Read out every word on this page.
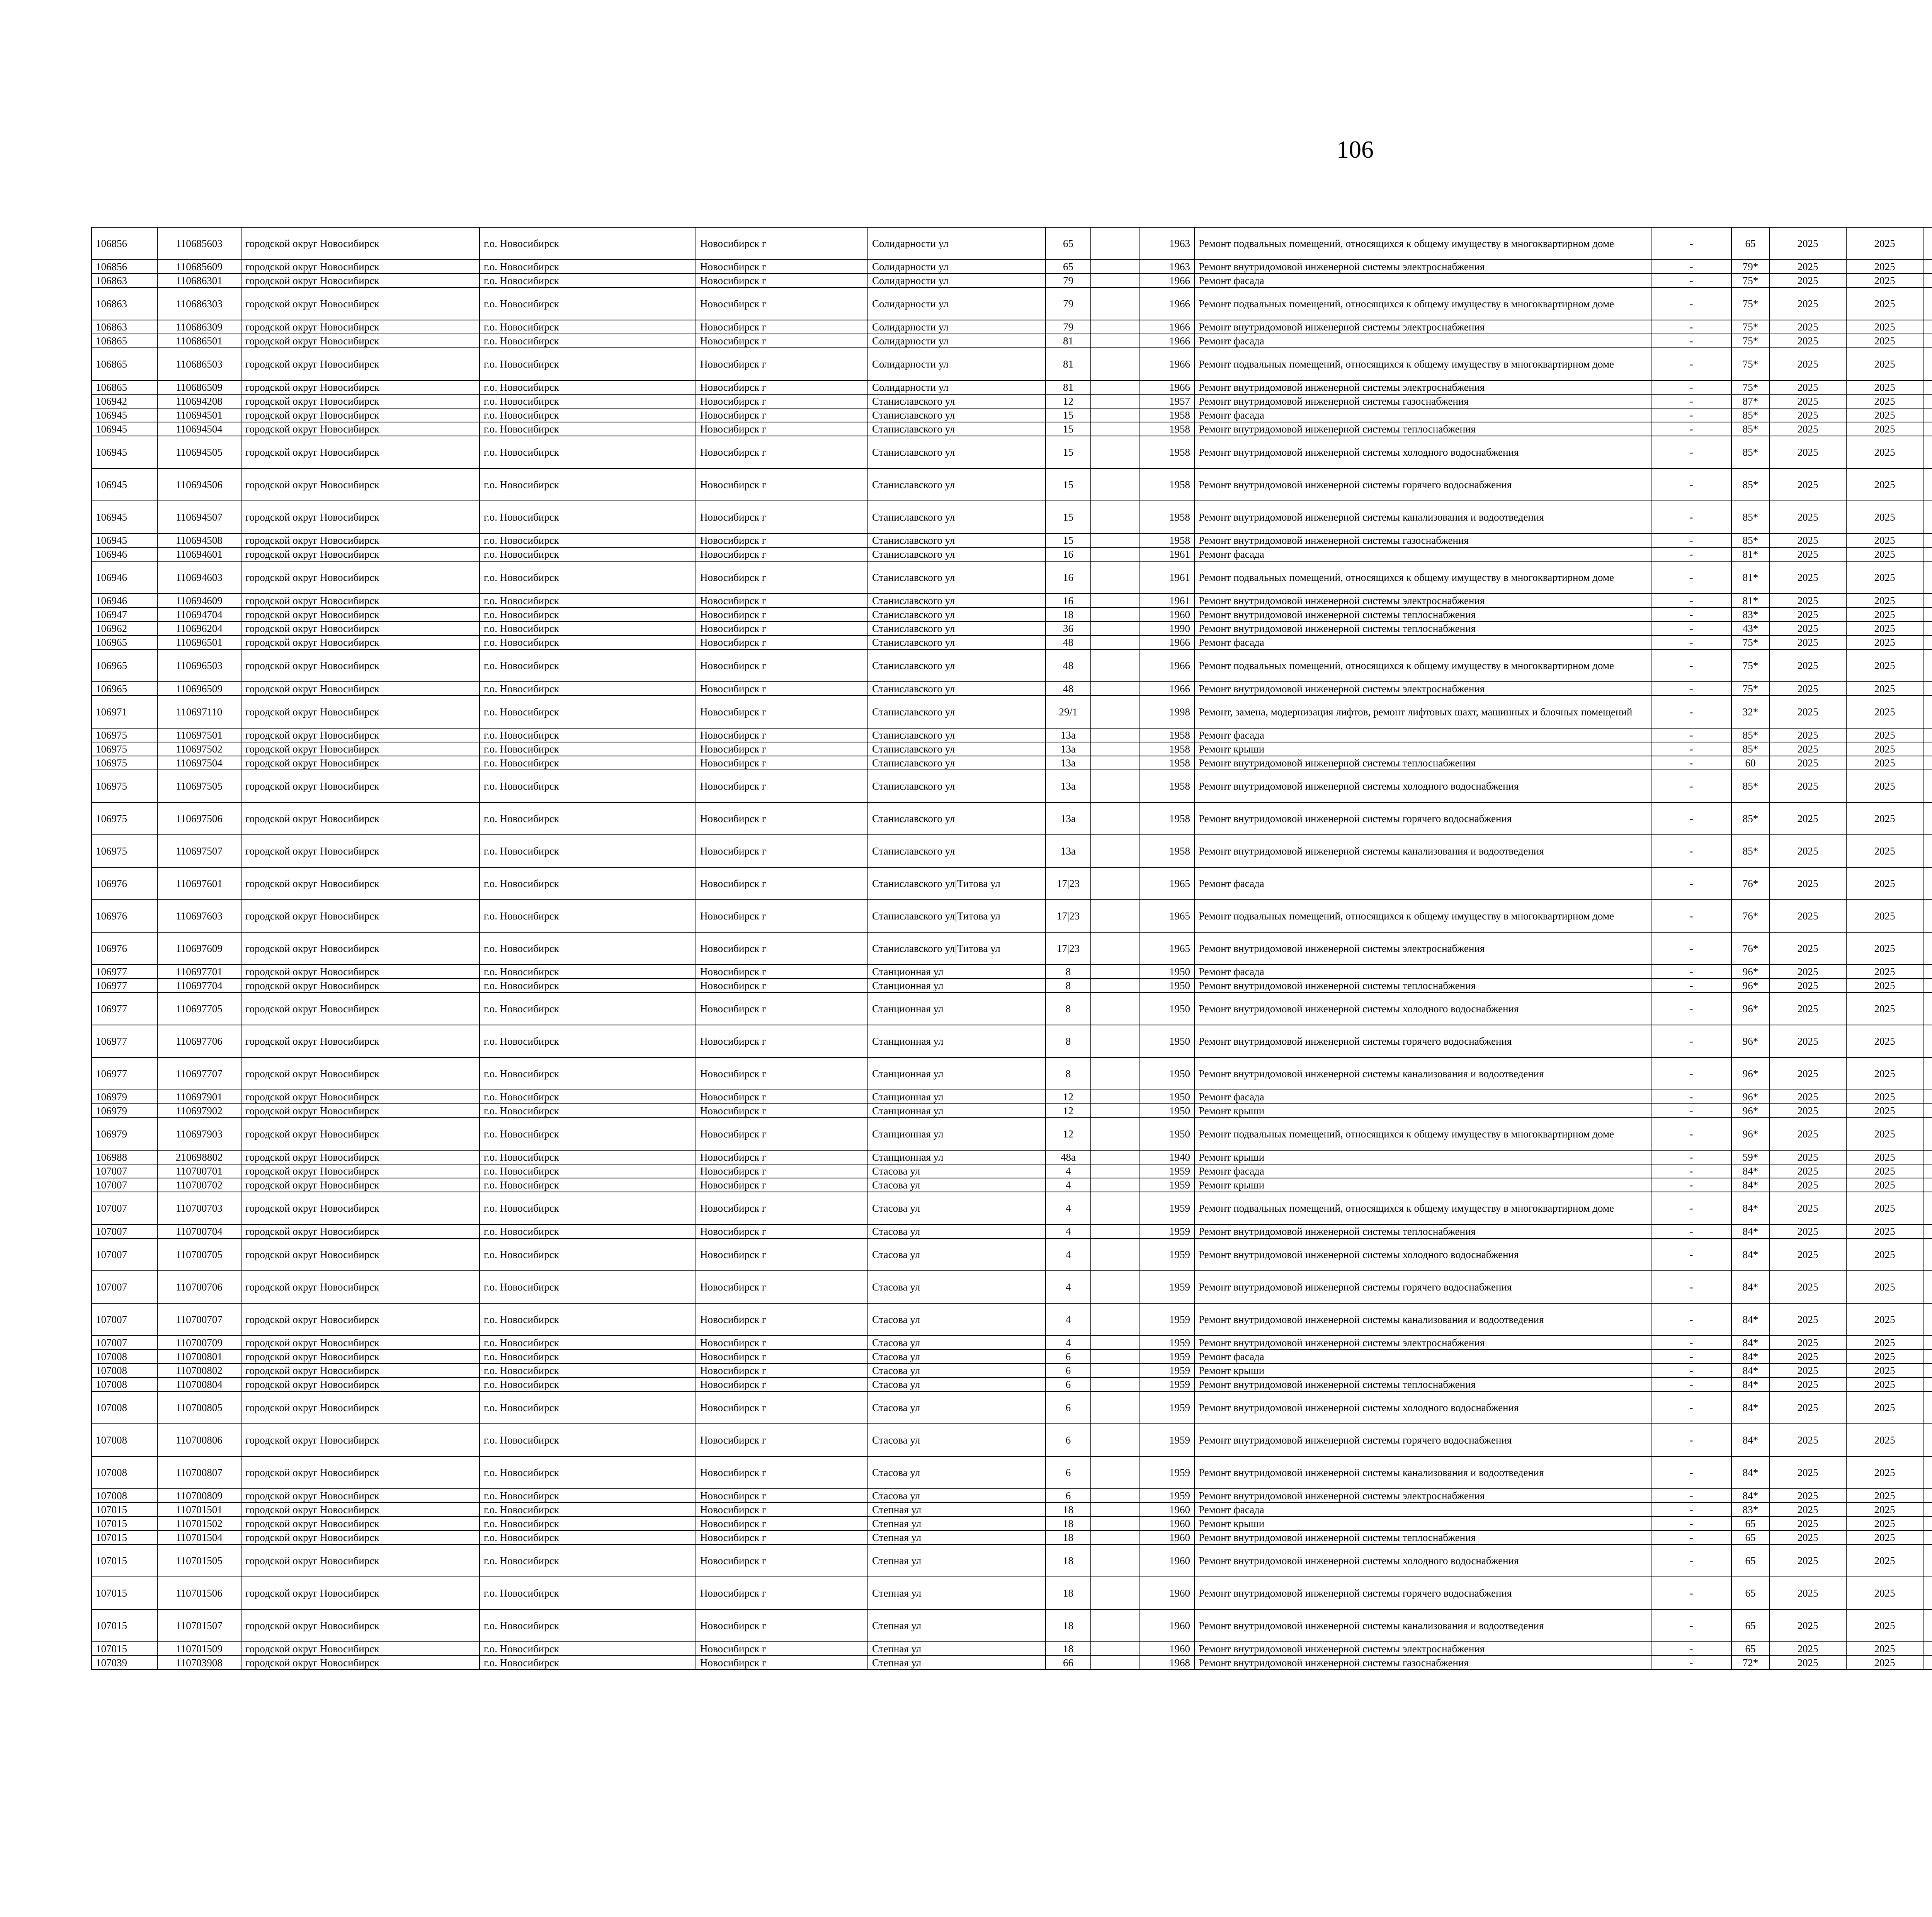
106
106856	110685603	городской округ Новосибирск	г.о. Новосибирск	Новосибирск г	Солидарности ул	65		1963	Ремонт подвальных помещений, относящихся к общему имуществу в многоквартирном доме	-	65	2025	2025					
106856	110685609	городской округ Новосибирск	г.о. Новосибирск	Новосибирск г	Солидарности ул	65		1963	Ремонт внутридомовой инженерной системы электроснабжения	-	79*	2025	2025					
106863	110686301	городской округ Новосибирск	г.о. Новосибирск	Новосибирск г	Солидарности ул	79		1966	Ремонт фасада	-	75*	2025	2025					
106863	110686303	городской округ Новосибирск	г.о. Новосибирск	Новосибирск г	Солидарности ул	79		1966	Ремонт подвальных помещений, относящихся к общему имуществу в многоквартирном доме	-	75*	2025	2025					
106863	110686309	городской округ Новосибирск	г.о. Новосибирск	Новосибирск г	Солидарности ул	79		1966	Ремонт внутридомовой инженерной системы электроснабжения	-	75*	2025	2025					
106865	110686501	городской округ Новосибирск	г.о. Новосибирск	Новосибирск г	Солидарности ул	81		1966	Ремонт фасада	-	75*	2025	2025					
106865	110686503	городской округ Новосибирск	г.о. Новосибирск	Новосибирск г	Солидарности ул	81		1966	Ремонт подвальных помещений, относящихся к общему имуществу в многоквартирном доме	-	75*	2025	2025					
106865	110686509	городской округ Новосибирск	г.о. Новосибирск	Новосибирск г	Солидарности ул	81		1966	Ремонт внутридомовой инженерной системы электроснабжения	-	75*	2025	2025					
106942	110694208	городской округ Новосибирск	г.о. Новосибирск	Новосибирск г	Станиславского ул	12		1957	Ремонт внутридомовой инженерной системы газоснабжения	-	87*	2025	2025					
106945	110694501	городской округ Новосибирск	г.о. Новосибирск	Новосибирск г	Станиславского ул	15		1958	Ремонт фасада	-	85*	2025	2025					
106945	110694504	городской округ Новосибирск	г.о. Новосибирск	Новосибирск г	Станиславского ул	15		1958	Ремонт внутридомовой инженерной системы теплоснабжения	-	85*	2025	2025					
106945	110694505	городской округ Новосибирск	г.о. Новосибирск	Новосибирск г	Станиславского ул	15		1958	Ремонт внутридомовой инженерной системы холодного водоснабжения	-	85*	2025	2025					
106945	110694506	городской округ Новосибирск	г.о. Новосибирск	Новосибирск г	Станиславского ул	15		1958	Ремонт внутридомовой инженерной системы горячего водоснабжения	-	85*	2025	2025					
106945	110694507	городской округ Новосибирск	г.о. Новосибирск	Новосибирск г	Станиславского ул	15		1958	Ремонт внутридомовой инженерной системы канализования и водоотведения	-	85*	2025	2025					
106945	110694508	городской округ Новосибирск	г.о. Новосибирск	Новосибирск г	Станиславского ул	15		1958	Ремонт внутридомовой инженерной системы газоснабжения	-	85*	2025	2025					
106946	110694601	городской округ Новосибирск	г.о. Новосибирск	Новосибирск г	Станиславского ул	16		1961	Ремонт фасада	-	81*	2025	2025					
106946	110694603	городской округ Новосибирск	г.о. Новосибирск	Новосибирск г	Станиславского ул	16		1961	Ремонт подвальных помещений, относящихся к общему имуществу в многоквартирном доме	-	81*	2025	2025					
106946	110694609	городской округ Новосибирск	г.о. Новосибирск	Новосибирск г	Станиславского ул	16		1961	Ремонт внутридомовой инженерной системы электроснабжения	-	81*	2025	2025					
106947	110694704	городской округ Новосибирск	г.о. Новосибирск	Новосибирск г	Станиславского ул	18		1960	Ремонт внутридомовой инженерной системы теплоснабжения	-	83*	2025	2025					
106962	110696204	городской округ Новосибирск	г.о. Новосибирск	Новосибирск г	Станиславского ул	36		1990	Ремонт внутридомовой инженерной системы теплоснабжения	-	43*	2025	2025					
106965	110696501	городской округ Новосибирск	г.о. Новосибирск	Новосибирск г	Станиславского ул	48		1966	Ремонт фасада	-	75*	2025	2025					
106965	110696503	городской округ Новосибирск	г.о. Новосибирск	Новосибирск г	Станиславского ул	48		1966	Ремонт подвальных помещений, относящихся к общему имуществу в многоквартирном доме	-	75*	2025	2025					
106965	110696509	городской округ Новосибирск	г.о. Новосибирск	Новосибирск г	Станиславского ул	48		1966	Ремонт внутридомовой инженерной системы электроснабжения	-	75*	2025	2025					
106971	110697110	городской округ Новосибирск	г.о. Новосибирск	Новосибирск г	Станиславского ул	29/1		1998	Ремонт, замена, модернизация лифтов, ремонт лифтовых шахт, машинных и блочных помещений	-	32*	2025	2025					
106975	110697501	городской округ Новосибирск	г.о. Новосибирск	Новосибирск г	Станиславского ул	13а		1958	Ремонт фасада	-	85*	2025	2025					
106975	110697502	городской округ Новосибирск	г.о. Новосибирск	Новосибирск г	Станиславского ул	13а		1958	Ремонт крыши	-	85*	2025	2025					
106975	110697504	городской округ Новосибирск	г.о. Новосибирск	Новосибирск г	Станиславского ул	13а		1958	Ремонт внутридомовой инженерной системы теплоснабжения	-	60	2025	2025					
106975	110697505	городской округ Новосибирск	г.о. Новосибирск	Новосибирск г	Станиславского ул	13а		1958	Ремонт внутридомовой инженерной системы холодного водоснабжения	-	85*	2025	2025					
106975	110697506	городской округ Новосибирск	г.о. Новосибирск	Новосибирск г	Станиславского ул	13а		1958	Ремонт внутридомовой инженерной системы горячего водоснабжения	-	85*	2025	2025					
106975	110697507	городской округ Новосибирск	г.о. Новосибирск	Новосибирск г	Станиславского ул	13а		1958	Ремонт внутридомовой инженерной системы канализования и водоотведения	-	85*	2025	2025					
106976	110697601	городской округ Новосибирск	г.о. Новосибирск	Новосибирск г	Станиславского ул|Титова ул	17|23		1965	Ремонт фасада	-	76*	2025	2025					
106976	110697603	городской округ Новосибирск	г.о. Новосибирск	Новосибирск г	Станиславского ул|Титова ул	17|23		1965	Ремонт подвальных помещений, относящихся к общему имуществу в многоквартирном доме	-	76*	2025	2025					
106976	110697609	городской округ Новосибирск	г.о. Новосибирск	Новосибирск г	Станиславского ул|Титова ул	17|23		1965	Ремонт внутридомовой инженерной системы электроснабжения	-	76*	2025	2025					
106977	110697701	городской округ Новосибирск	г.о. Новосибирск	Новосибирск г	Станционная ул	8		1950	Ремонт фасада	-	96*	2025	2025					
106977	110697704	городской округ Новосибирск	г.о. Новосибирск	Новосибирск г	Станционная ул	8		1950	Ремонт внутридомовой инженерной системы теплоснабжения	-	96*	2025	2025					
106977	110697705	городской округ Новосибирск	г.о. Новосибирск	Новосибирск г	Станционная ул	8		1950	Ремонт внутридомовой инженерной системы холодного водоснабжения	-	96*	2025	2025					
106977	110697706	городской округ Новосибирск	г.о. Новосибирск	Новосибирск г	Станционная ул	8		1950	Ремонт внутридомовой инженерной системы горячего водоснабжения	-	96*	2025	2025					
106977	110697707	городской округ Новосибирск	г.о. Новосибирск	Новосибирск г	Станционная ул	8		1950	Ремонт внутридомовой инженерной системы канализования и водоотведения	-	96*	2025	2025					
106979	110697901	городской округ Новосибирск	г.о. Новосибирск	Новосибирск г	Станционная ул	12		1950	Ремонт фасада	-	96*	2025	2025					
106979	110697902	городской округ Новосибирск	г.о. Новосибирск	Новосибирск г	Станционная ул	12		1950	Ремонт крыши	-	96*	2025	2025					
106979	110697903	городской округ Новосибирск	г.о. Новосибирск	Новосибирск г	Станционная ул	12		1950	Ремонт подвальных помещений, относящихся к общему имуществу в многоквартирном доме	-	96*	2025	2025					
106988	210698802	городской округ Новосибирск	г.о. Новосибирск	Новосибирск г	Станционная ул	48а		1940	Ремонт крыши	-	59*	2025	2025					
107007	110700701	городской округ Новосибирск	г.о. Новосибирск	Новосибирск г	Стасова ул	4		1959	Ремонт фасада	-	84*	2025	2025					
107007	110700702	городской округ Новосибирск	г.о. Новосибирск	Новосибирск г	Стасова ул	4		1959	Ремонт крыши	-	84*	2025	2025					
107007	110700703	городской округ Новосибирск	г.о. Новосибирск	Новосибирск г	Стасова ул	4		1959	Ремонт подвальных помещений, относящихся к общему имуществу в многоквартирном доме	-	84*	2025	2025					
107007	110700704	городской округ Новосибирск	г.о. Новосибирск	Новосибирск г	Стасова ул	4		1959	Ремонт внутридомовой инженерной системы теплоснабжения	-	84*	2025	2025					
107007	110700705	городской округ Новосибирск	г.о. Новосибирск	Новосибирск г	Стасова ул	4		1959	Ремонт внутридомовой инженерной системы холодного водоснабжения	-	84*	2025	2025					
107007	110700706	городской округ Новосибирск	г.о. Новосибирск	Новосибирск г	Стасова ул	4		1959	Ремонт внутридомовой инженерной системы горячего водоснабжения	-	84*	2025	2025					
107007	110700707	городской округ Новосибирск	г.о. Новосибирск	Новосибирск г	Стасова ул	4		1959	Ремонт внутридомовой инженерной системы канализования и водоотведения	-	84*	2025	2025					
107007	110700709	городской округ Новосибирск	г.о. Новосибирск	Новосибирск г	Стасова ул	4		1959	Ремонт внутридомовой инженерной системы электроснабжения	-	84*	2025	2025					
107008	110700801	городской округ Новосибирск	г.о. Новосибирск	Новосибирск г	Стасова ул	6		1959	Ремонт фасада	-	84*	2025	2025					
107008	110700802	городской округ Новосибирск	г.о. Новосибирск	Новосибирск г	Стасова ул	6		1959	Ремонт крыши	-	84*	2025	2025					
107008	110700804	городской округ Новосибирск	г.о. Новосибирск	Новосибирск г	Стасова ул	6		1959	Ремонт внутридомовой инженерной системы теплоснабжения	-	84*	2025	2025					
107008	110700805	городской округ Новосибирск	г.о. Новосибирск	Новосибирск г	Стасова ул	6		1959	Ремонт внутридомовой инженерной системы холодного водоснабжения	-	84*	2025	2025					
107008	110700806	городской округ Новосибирск	г.о. Новосибирск	Новосибирск г	Стасова ул	6		1959	Ремонт внутридомовой инженерной системы горячего водоснабжения	-	84*	2025	2025					
107008	110700807	городской округ Новосибирск	г.о. Новосибирск	Новосибирск г	Стасова ул	6		1959	Ремонт внутридомовой инженерной системы канализования и водоотведения	-	84*	2025	2025					
107008	110700809	городской округ Новосибирск	г.о. Новосибирск	Новосибирск г	Стасова ул	6		1959	Ремонт внутридомовой инженерной системы электроснабжения	-	84*	2025	2025					
107015	110701501	городской округ Новосибирск	г.о. Новосибирск	Новосибирск г	Степная ул	18		1960	Ремонт фасада	-	83*	2025	2025					
107015	110701502	городской округ Новосибирск	г.о. Новосибирск	Новосибирск г	Степная ул	18		1960	Ремонт крыши	-	65	2025	2025					
107015	110701504	городской округ Новосибирск	г.о. Новосибирск	Новосибирск г	Степная ул	18		1960	Ремонт внутридомовой инженерной системы теплоснабжения	-	65	2025	2025					
107015	110701505	городской округ Новосибирск	г.о. Новосибирск	Новосибирск г	Степная ул	18		1960	Ремонт внутридомовой инженерной системы холодного водоснабжения	-	65	2025	2025					
107015	110701506	городской округ Новосибирск	г.о. Новосибирск	Новосибирск г	Степная ул	18		1960	Ремонт внутридомовой инженерной системы горячего водоснабжения	-	65	2025	2025					
107015	110701507	городской округ Новосибирск	г.о. Новосибирск	Новосибирск г	Степная ул	18		1960	Ремонт внутридомовой инженерной системы канализования и водоотведения	-	65	2025	2025					
107015	110701509	городской округ Новосибирск	г.о. Новосибирск	Новосибирск г	Степная ул	18		1960	Ремонт внутридомовой инженерной системы электроснабжения	-	65	2025	2025					
107039	110703908	городской округ Новосибирск	г.о. Новосибирск	Новосибирск г	Степная ул	66		1968	Ремонт внутридомовой инженерной системы газоснабжения	-	72*	2025	2025					
